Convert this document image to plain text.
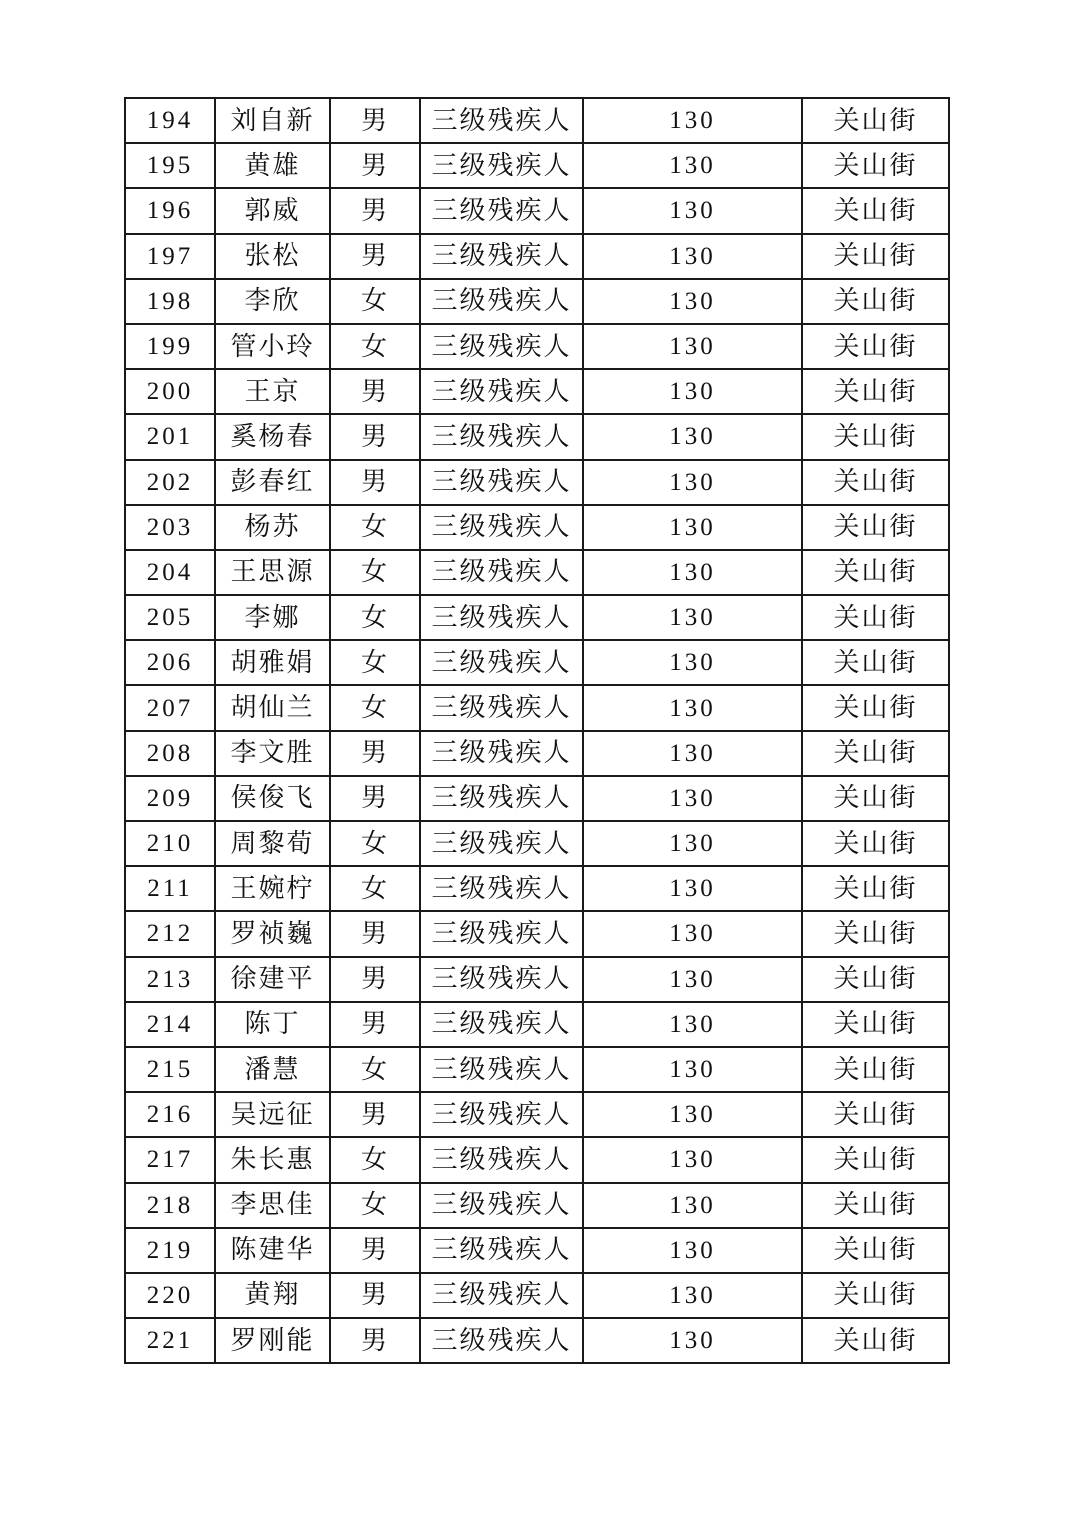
194	刘自新	男	三级残疾人	130	关山街
195	黄雄	男	三级残疾人	130	关山街
196	郭威	男	三级残疾人	130	关山街
197	张松	男	三级残疾人	130	关山街
198	李欣	女	三级残疾人	130	关山街
199	管小玲	女	三级残疾人	130	关山街
200	王京	男	三级残疾人	130	关山街
201	奚杨春	男	三级残疾人	130	关山街
202	彭春红	男	三级残疾人	130	关山街
203	杨苏	女	三级残疾人	130	关山街
204	王思源	女	三级残疾人	130	关山街
205	李娜	女	三级残疾人	130	关山街
206	胡雅娟	女	三级残疾人	130	关山街
207	胡仙兰	女	三级残疾人	130	关山街
208	李文胜	男	三级残疾人	130	关山街
209	侯俊飞	男	三级残疾人	130	关山街
210	周黎荀	女	三级残疾人	130	关山街
211	王婉柠	女	三级残疾人	130	关山街
212	罗祯巍	男	三级残疾人	130	关山街
213	徐建平	男	三级残疾人	130	关山街
214	陈丁	男	三级残疾人	130	关山街
215	潘慧	女	三级残疾人	130	关山街
216	吴远征	男	三级残疾人	130	关山街
217	朱长惠	女	三级残疾人	130	关山街
218	李思佳	女	三级残疾人	130	关山街
219	陈建华	男	三级残疾人	130	关山街
220	黄翔	男	三级残疾人	130	关山街
221	罗刚能	男	三级残疾人	130	关山街
